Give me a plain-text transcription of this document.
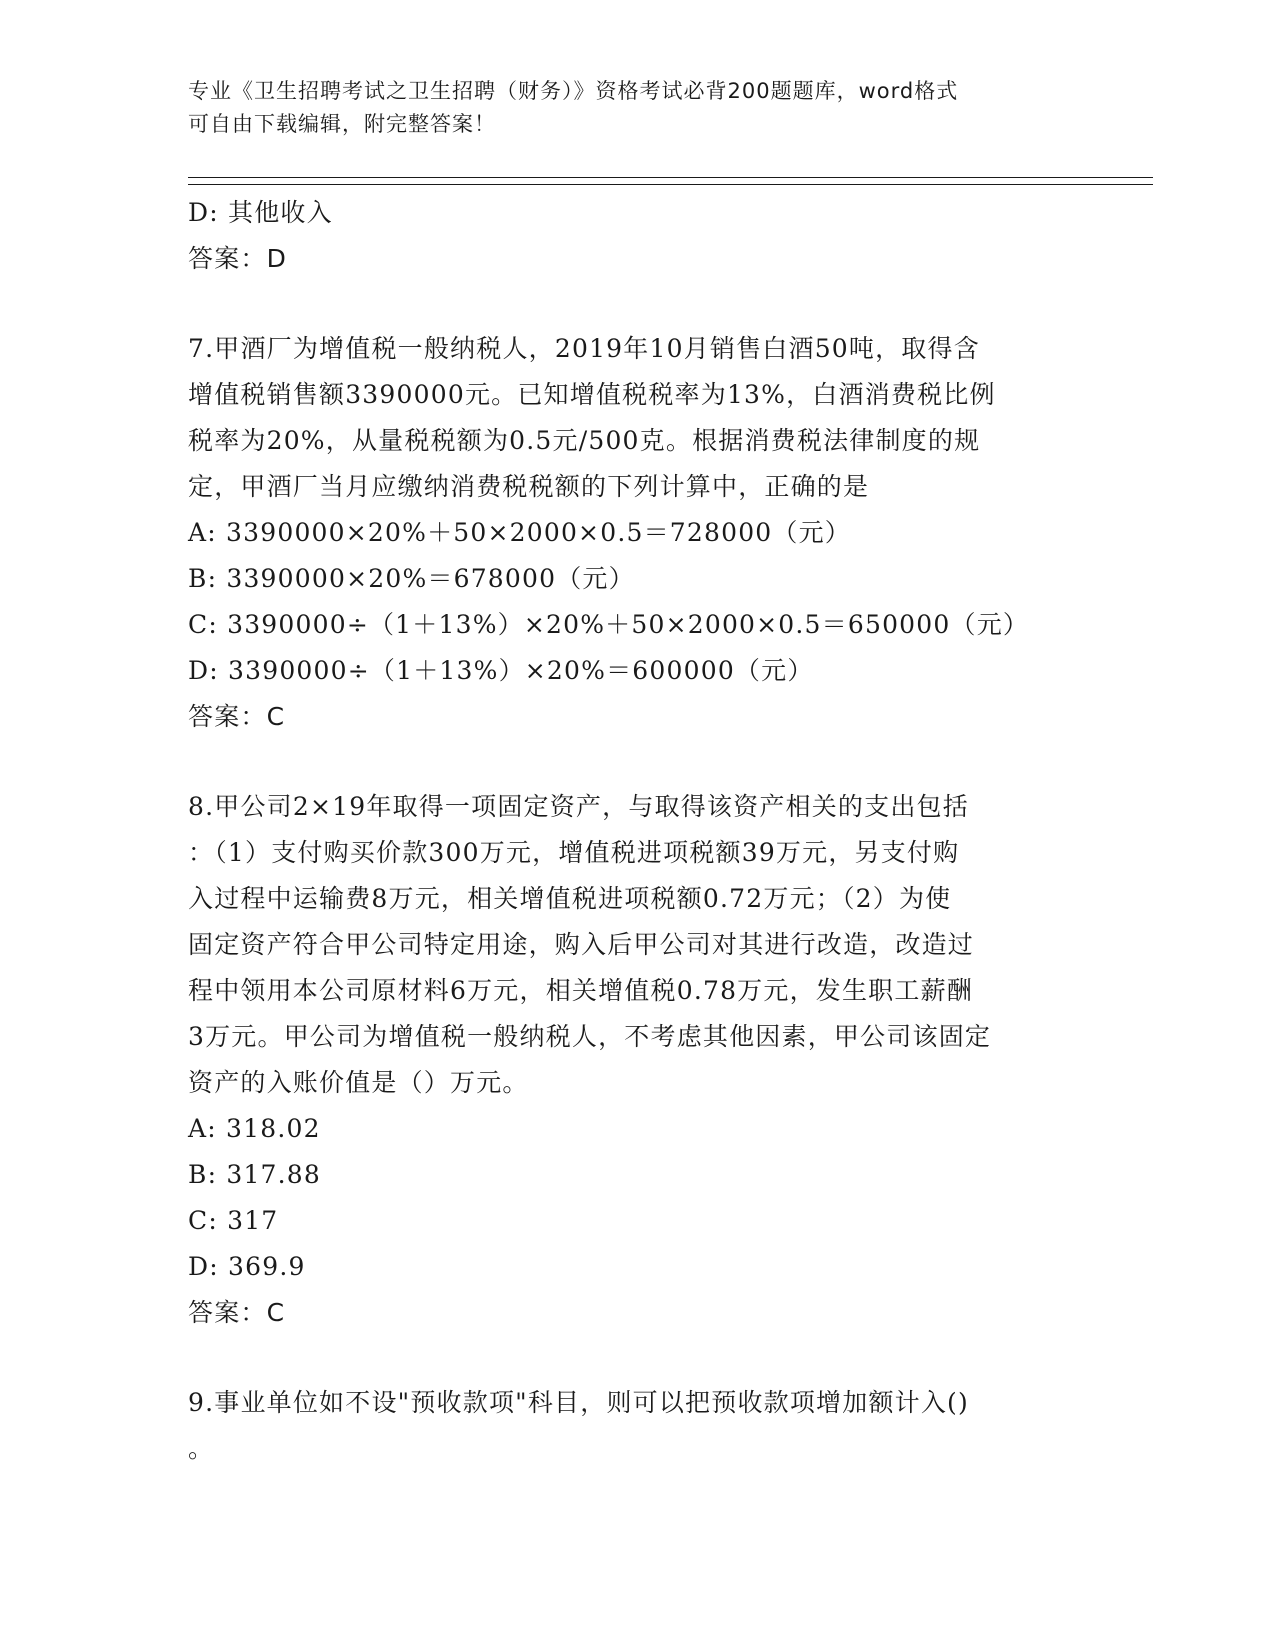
专业《卫生招聘考试之卫生招聘（财务）》资格考试必背200题题库，word格式
可自由下载编辑，附完整答案！
D: 其他收入
答案：D
7.甲酒厂为增值税一般纳税人，2019年10月销售白酒50吨，取得含
增值税销售额3390000元。已知增值税税率为13%，白酒消费税比例
税率为20%，从量税税额为0.5元/500克。根据消费税法律制度的规
定，甲酒厂当月应缴纳消费税税额的下列计算中，正确的是
A: 3390000×20%＋50×2000×0.5＝728000（元）
B: 3390000×20%＝678000（元）
C: 3390000÷（1＋13%）×20%＋50×2000×0.5＝650000（元）
D: 3390000÷（1＋13%）×20%＝600000（元）
答案：C
8.甲公司2×19年取得一项固定资产，与取得该资产相关的支出包括
：（1）支付购买价款300万元，增值税进项税额39万元，另支付购
入过程中运输费8万元，相关增值税进项税额0.72万元；（2）为使
固定资产符合甲公司特定用途，购入后甲公司对其进行改造，改造过
程中领用本公司原材料6万元，相关增值税0.78万元，发生职工薪酬
3万元。甲公司为增值税一般纳税人，不考虑其他因素，甲公司该固定
资产的入账价值是（）万元。
A: 318.02
B: 317.88
C: 317
D: 369.9
答案：C
9.事业单位如不设"预收款项"科目，则可以把预收款项增加额计入()
。
